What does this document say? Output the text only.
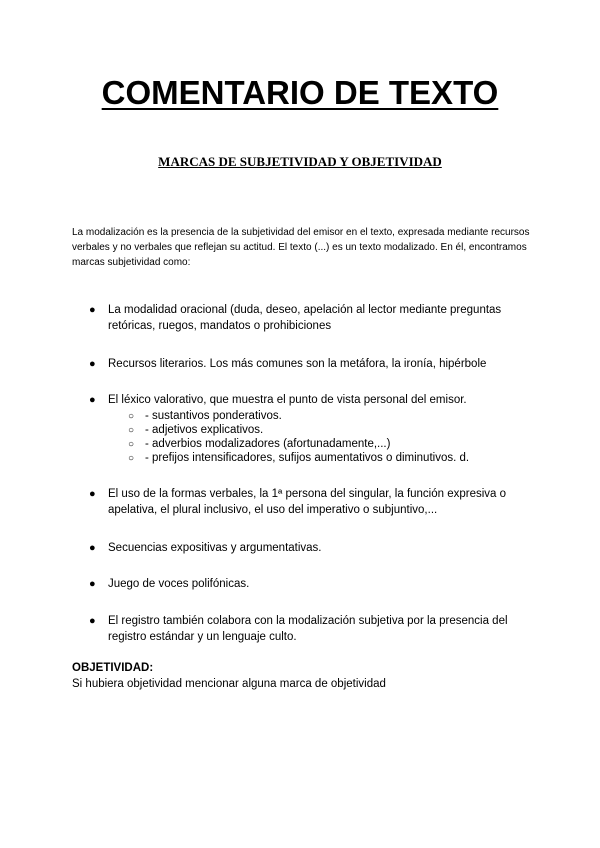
COMENTARIO DE TEXTO
MARCAS DE SUBJETIVIDAD Y OBJETIVIDAD

La modalización es la presencia de la subjetividad del emisor en el texto, expresada mediante recursos verbales y no verbales que reflejan su actitud. El texto (...) es un texto modalizado. En él, encontramos marcas subjetividad como:

● La modalidad oracional (duda, deseo, apelación al lector mediante preguntas retóricas, ruegos, mandatos o prohibiciones
● Recursos literarios. Los más comunes son la metáfora, la ironía, hipérbole
● El léxico valorativo, que muestra el punto de vista personal del emisor.
○ - sustantivos ponderativos.
○ - adjetivos explicativos.
○ - adverbios modalizadores (afortunadamente,...)
○ - prefijos intensificadores, sufijos aumentativos o diminutivos. d.
● El uso de la formas verbales, la 1ª persona del singular, la función expresiva o apelativa, el plural inclusivo, el uso del imperativo o subjuntivo,...
● Secuencias expositivas y argumentativas.
● Juego de voces polifónicas.
● El registro también colabora con la modalización subjetiva por la presencia del registro estándar y un lenguaje culto.

OBJETIVIDAD:

Si hubiera objetividad mencionar alguna marca de objetividad
